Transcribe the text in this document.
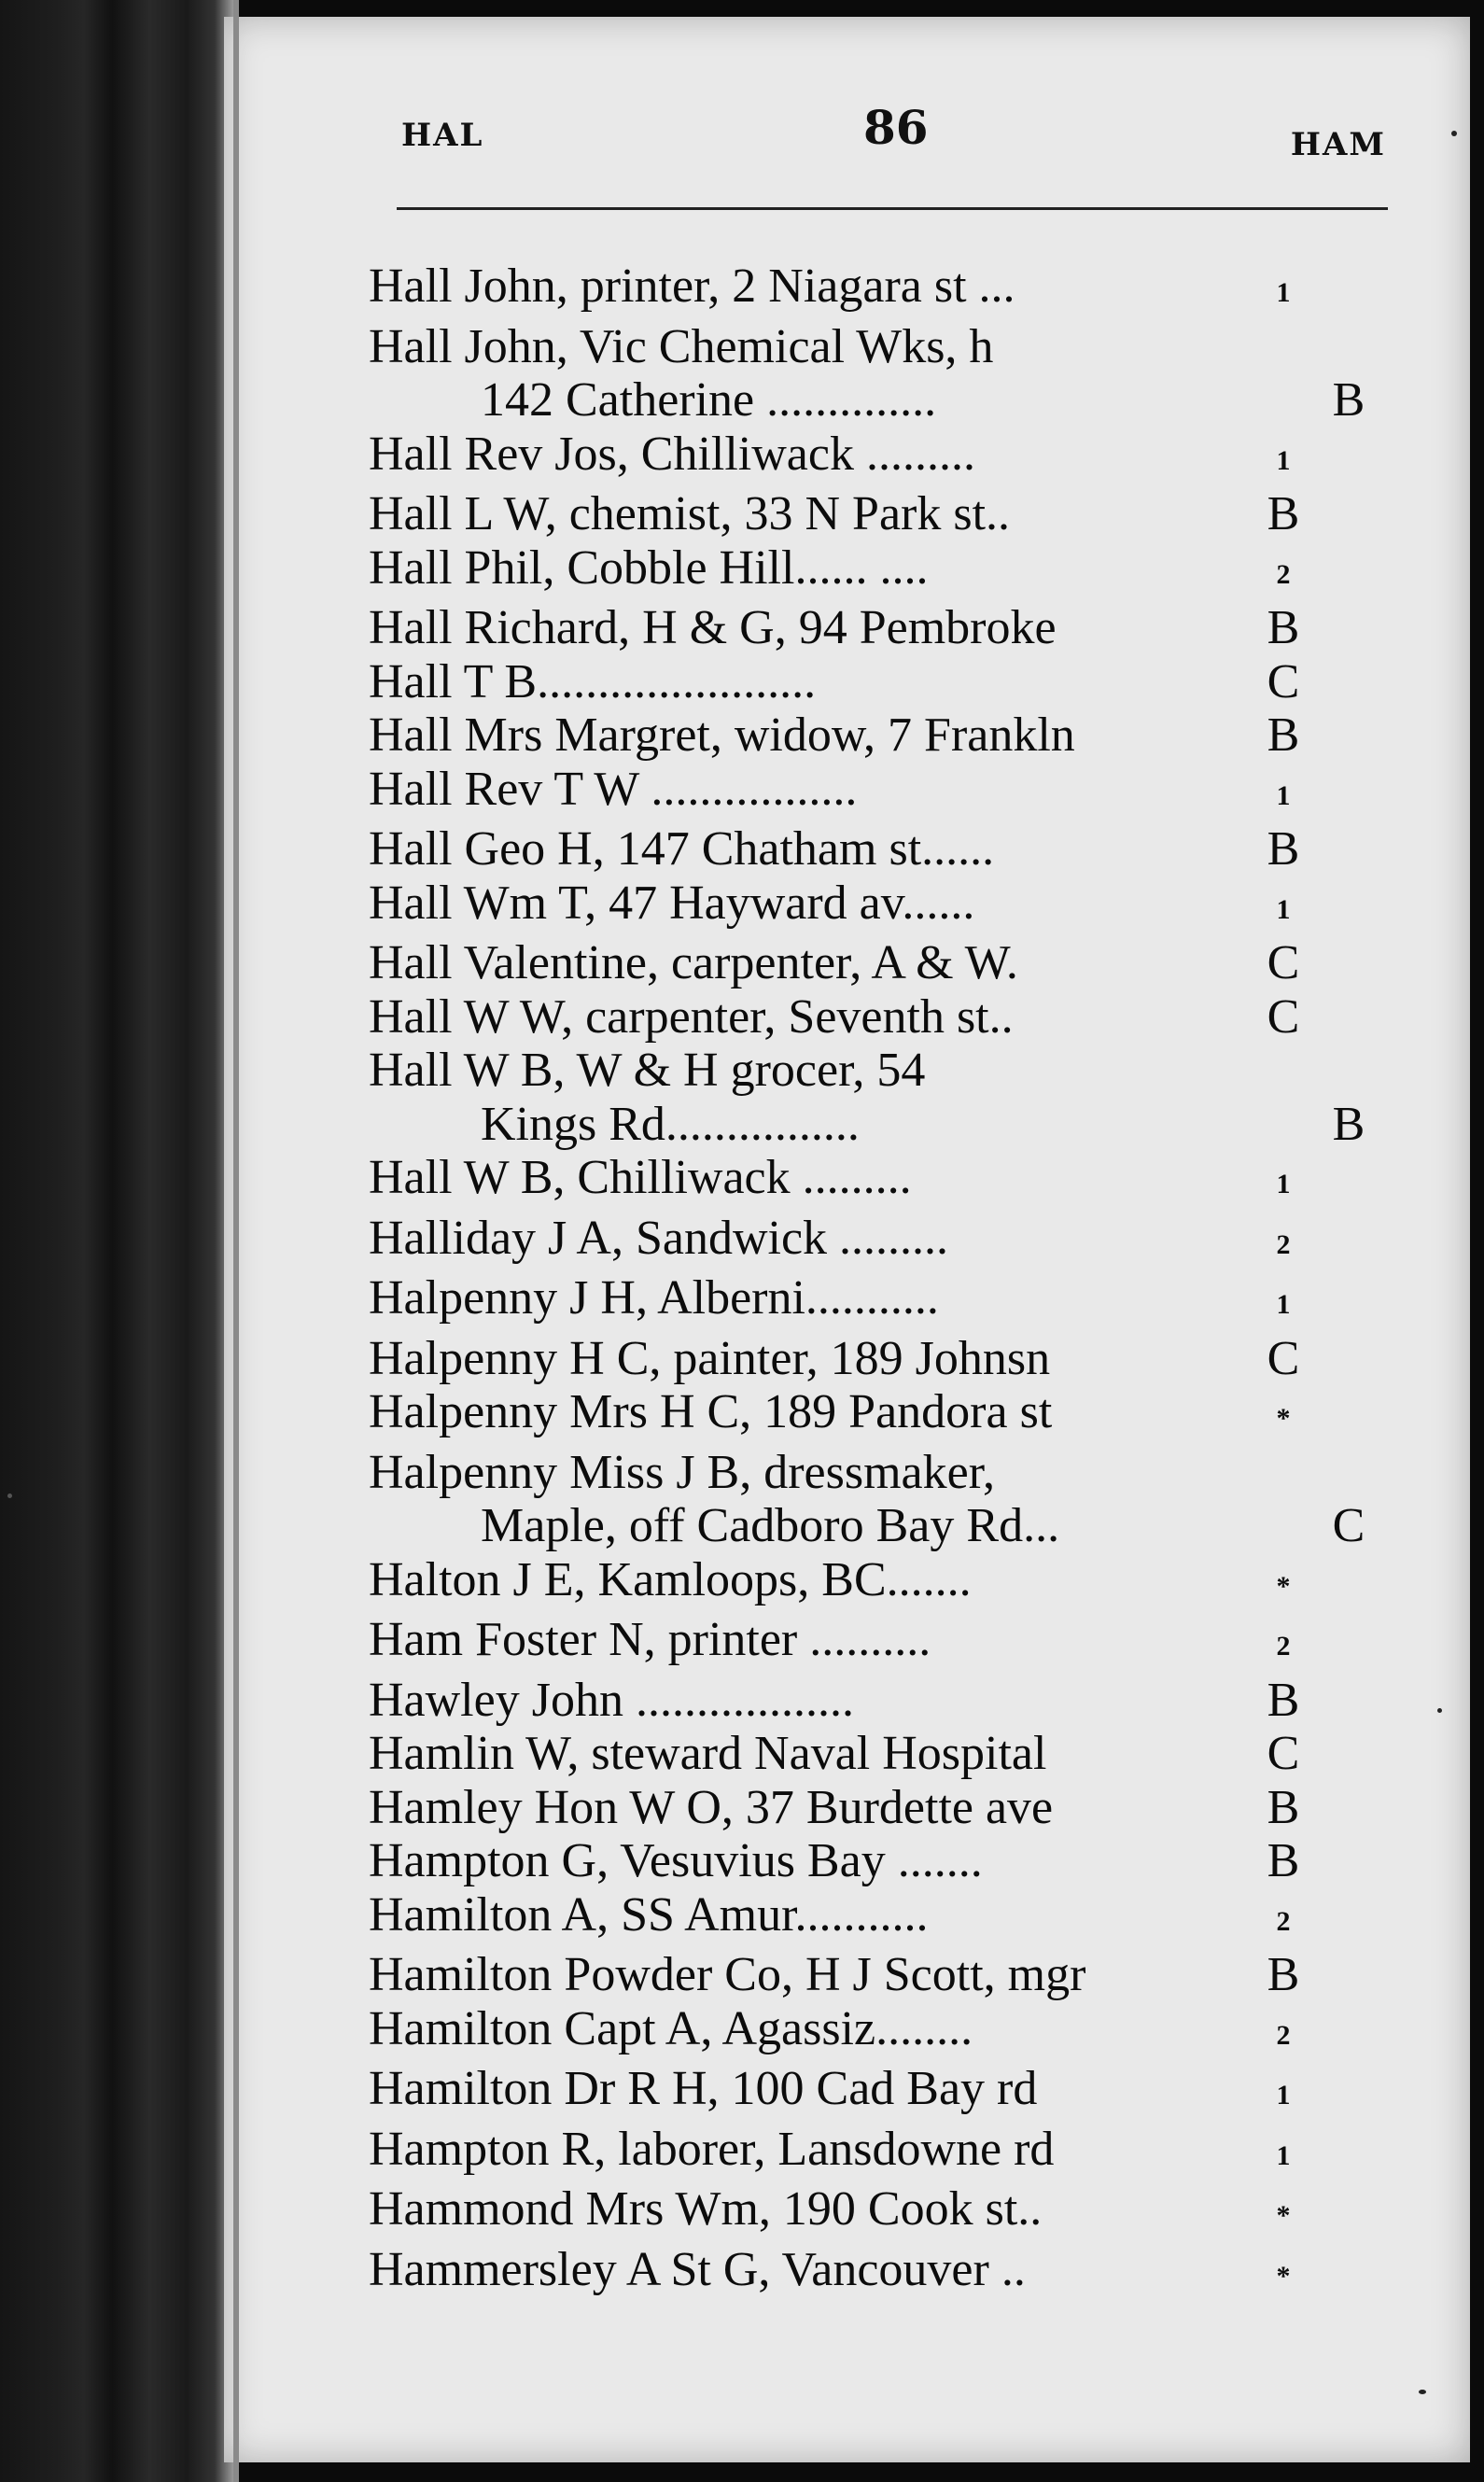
HAL	86	HAM
Hall John, printer, 2 Niagara st ...	1
Hall John, Vic Chemical Wks, h
142 Catherine ..............	B
Hall Rev Jos, Chilliwack .........	1
Hall L W, chemist, 33 N Park st..	B
Hall Phil, Cobble Hill...... ....	2
Hall Richard, H & G, 94 Pembroke	B
Hall T B.......................	C
Hall Mrs Margret, widow, 7 Frankln	B
Hall Rev T W .................	1
Hall Geo H, 147 Chatham st......	B
Hall Wm T, 47 Hayward av......	1
Hall Valentine, carpenter, A & W.	C
Hall W W, carpenter, Seventh st..	C
Hall W B, W & H grocer, 54
Kings Rd................	B
Hall W B, Chilliwack .........	1
Halliday J A, Sandwick .........	2
Halpenny J H, Alberni...........	1
Halpenny H C, painter, 189 Johnsn	C
Halpenny Mrs H C, 189 Pandora st	*
Halpenny Miss J B, dressmaker,
Maple, off Cadboro Bay Rd...	C
Halton J E, Kamloops, BC.......	*
Ham Foster N, printer ..........	2
Hawley John ..................	B
Hamlin W, steward Naval Hospital	C
Hamley Hon W O, 37 Burdette ave	B
Hampton G, Vesuvius Bay .......	B
Hamilton A, SS Amur...........	2
Hamilton Powder Co, H J Scott, mgr	B
Hamilton Capt A, Agassiz........	2
Hamilton Dr R H, 100 Cad Bay rd	1
Hampton R, laborer, Lansdowne rd	1
Hammond Mrs Wm, 190 Cook st..	*
Hammersley A St G, Vancouver ..	*
